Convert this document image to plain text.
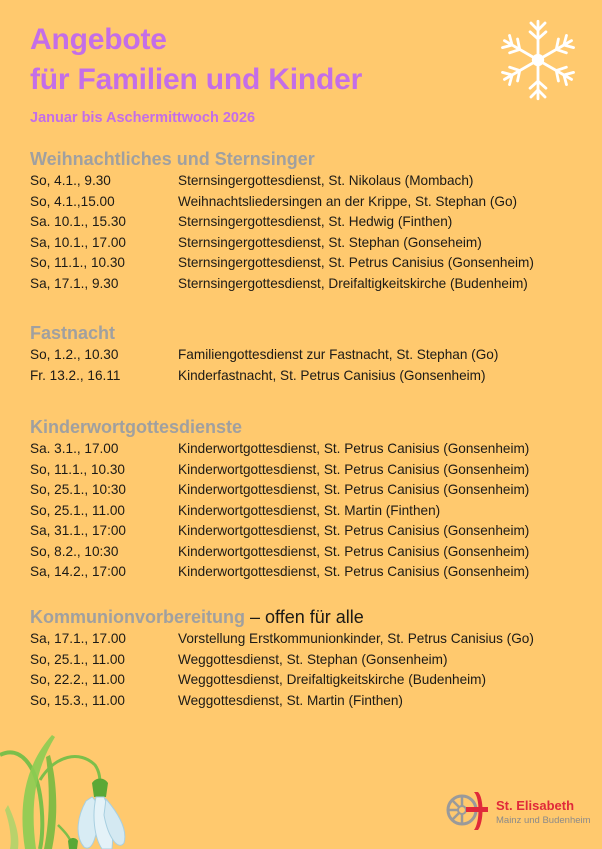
Angebote
für Familien und Kinder
Januar bis Aschermittwoch 2026
Weihnachtliches und Sternsinger
So, 4.1., 9.30	Sternsingergottesdienst, St. Nikolaus (Mombach)
So, 4.1.,15.00	Weihnachtsliedersingen an der Krippe, St. Stephan (Go)
Sa. 10.1., 15.30	Sternsingergottesdienst, St. Hedwig (Finthen)
Sa, 10.1., 17.00	Sternsingergottesdienst, St. Stephan (Gonseheim)
So, 11.1., 10.30	Sternsingergottesdienst, St. Petrus Canisius (Gonsenheim)
Sa, 17.1., 9.30	Sternsingergottesdienst, Dreifaltigkeitskirche (Budenheim)
Fastnacht
So, 1.2., 10.30	Familiengottesdienst zur Fastnacht, St. Stephan (Go)
Fr. 13.2., 16.11	Kinderfastnacht, St. Petrus Canisius (Gonsenheim)
Kinderwortgottesdienste
Sa. 3.1., 17.00	Kinderwortgottesdienst, St. Petrus Canisius (Gonsenheim)
So, 11.1., 10.30	Kinderwortgottesdienst, St. Petrus Canisius (Gonsenheim)
So, 25.1., 10:30	Kinderwortgottesdienst, St. Petrus Canisius (Gonsenheim)
So, 25.1., 11.00	Kinderwortgottesdienst, St. Martin (Finthen)
Sa, 31.1., 17:00	Kinderwortgottesdienst, St. Petrus Canisius (Gonsenheim)
So, 8.2., 10:30	Kinderwortgottesdienst, St. Petrus Canisius (Gonsenheim)
Sa, 14.2., 17:00	Kinderwortgottesdienst, St. Petrus Canisius (Gonsenheim)
Kommunionvorbereitung – offen für alle
Sa, 17.1., 17.00	Vorstellung Erstkommunionkinder, St. Petrus Canisius (Go)
So, 25.1., 11.00	Weggottesdienst, St. Stephan (Gonsenheim)
So, 22.2., 11.00	Weggottesdienst, Dreifaltigkeitskirche (Budenheim)
So, 15.3., 11.00	Weggottesdienst, St. Martin (Finthen)
St. Elisabeth
Mainz und Budenheim
